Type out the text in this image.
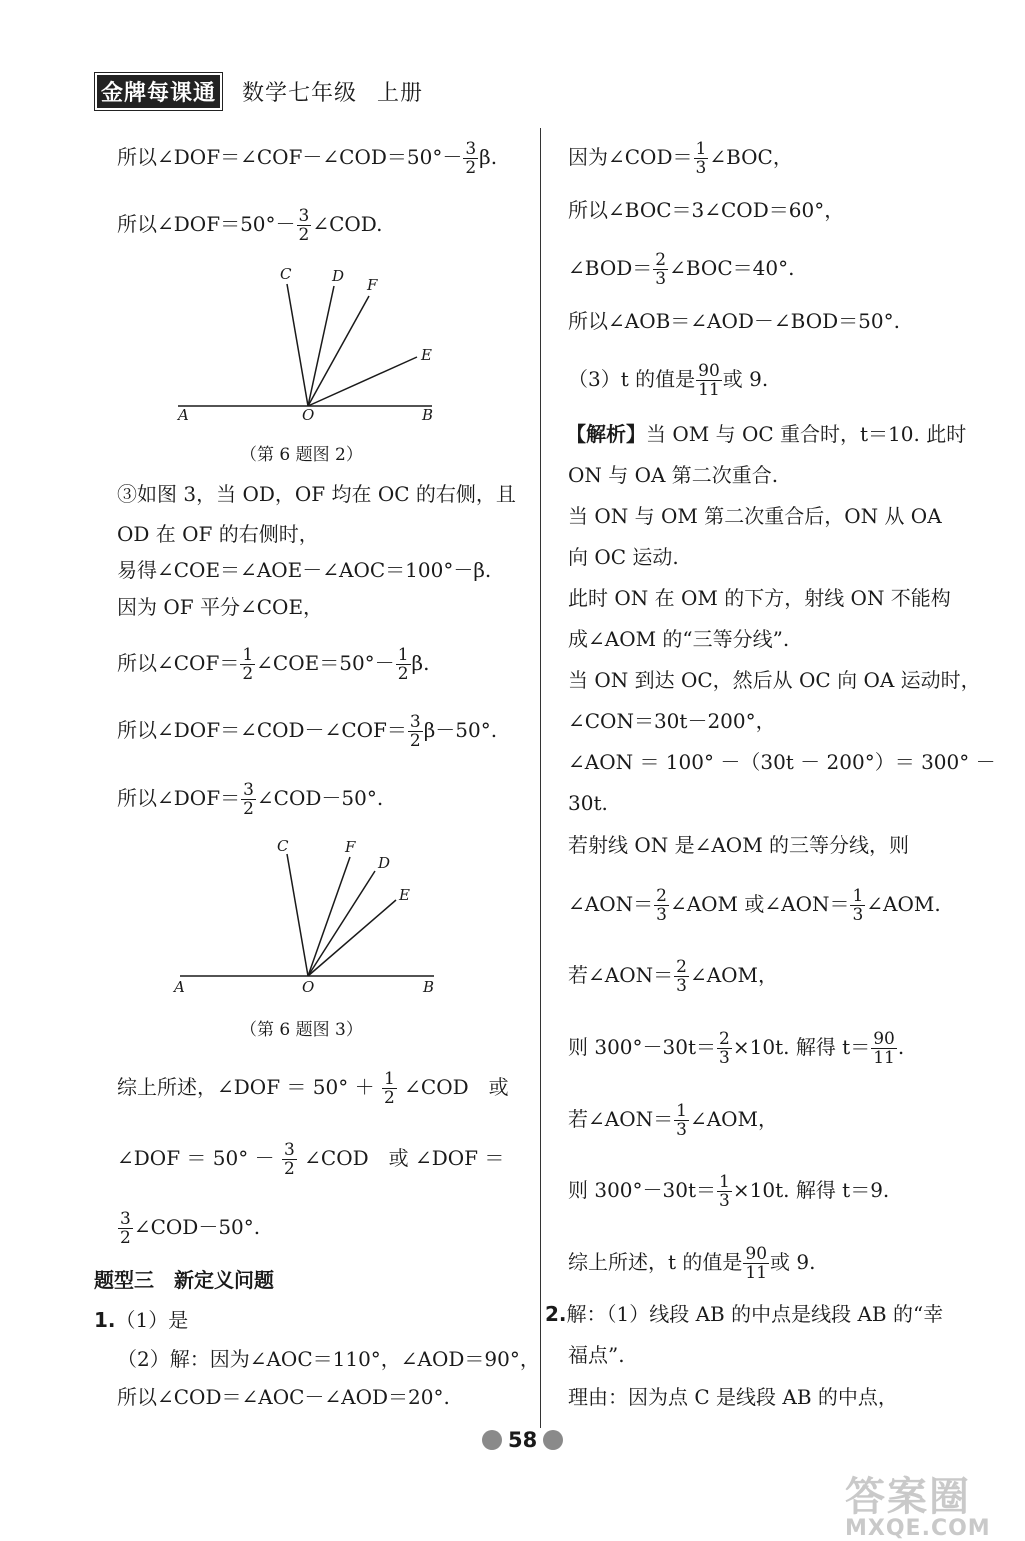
金牌每课通 数学七年级 上册
所以∠DOF＝∠COF－∠COD＝50°－ $\frac{3}{2} \beta$.
所以∠DOF＝50°－ $\frac{3}{2}$ ∠COD.
C	D F
E
A	O	B
（第 6 题图 2）
③如图 3，当 OD，OF 均在 OC 的右侧，且
OD 在 OF 的右侧时，
易得∠COE＝∠AOE－∠AOC＝100°－β.
因为 OF 平分∠COE，
所以∠COF＝ $\frac{1}{2}$ ∠COE＝50°－ $\frac{1}{2} \beta$.
所以∠DOF＝∠COD－∠COF＝ $\frac{3}{2} \beta-50^\circ$.
所以∠DOF＝ $\frac{3}{2}$ ∠COD－50°.
C	F
D
E
A	O	B
（第 6 题图 3）
综上所述，∠DOF ＝ $50^\circ + \frac{1}{2}$ ∠COD　或
∠DOF ＝ $50^\circ - \frac{3}{2}$ ∠COD　或 ∠DOF ＝
$\frac{3}{2}$ ∠COD－50°.
题型三　新定义问题
1.（1）是
（2）解：因为∠AOC＝110°，∠AOD＝90°，
所以∠COD＝∠AOC－∠AOD＝20°.
因为∠COD＝ $\frac{1}{3}$ ∠BOC，
所以∠BOC＝3∠COD＝60°，
∠BOD＝ $\frac{2}{3}$ ∠BOC＝40°.
所以∠AOB＝∠AOD－∠BOD＝50°.
（3）t 的值是 $\frac{90}{11}$ 或 9.
【解析】当 OM 与 OC 重合时，t＝10. 此时
ON 与 OA 第二次重合.
当 ON 与 OM 第二次重合后，ON 从 OA
向 OC 运动.
此时 ON 在 OM 的下方，射线 ON 不能构
成∠AOM 的“三等分线”.
当 ON 到达 OC，然后从 OC 向 OA 运动时，
∠CON＝30t－200°，
∠AON ＝ 100° －（30t － 200°）＝ 300° －
30t.
若射线 ON 是∠AOM 的三等分线，则
∠AON＝ $\frac{2}{3}$ ∠AOM 或∠AON＝ $\frac{1}{3}$ ∠AOM.
若∠AON＝ $\frac{2}{3}$ ∠AOM，
则 $300^\circ-30t= \frac{2}{3} \times 10t$. 解得 $t= \frac{90}{11}$ .
若∠AON＝ $\frac{1}{3}$ ∠AOM，
则 $300^\circ-30t= \frac{1}{3} \times 10t$. 解得 t＝9.
综上所述，t 的值是 $\frac{90}{11}$ 或 9.
2.解：（1）线段 AB 的中点是线段 AB 的“幸
福点”.
理由：因为点 C 是线段 AB 的中点，
58
答案圈
MXQE.COM
